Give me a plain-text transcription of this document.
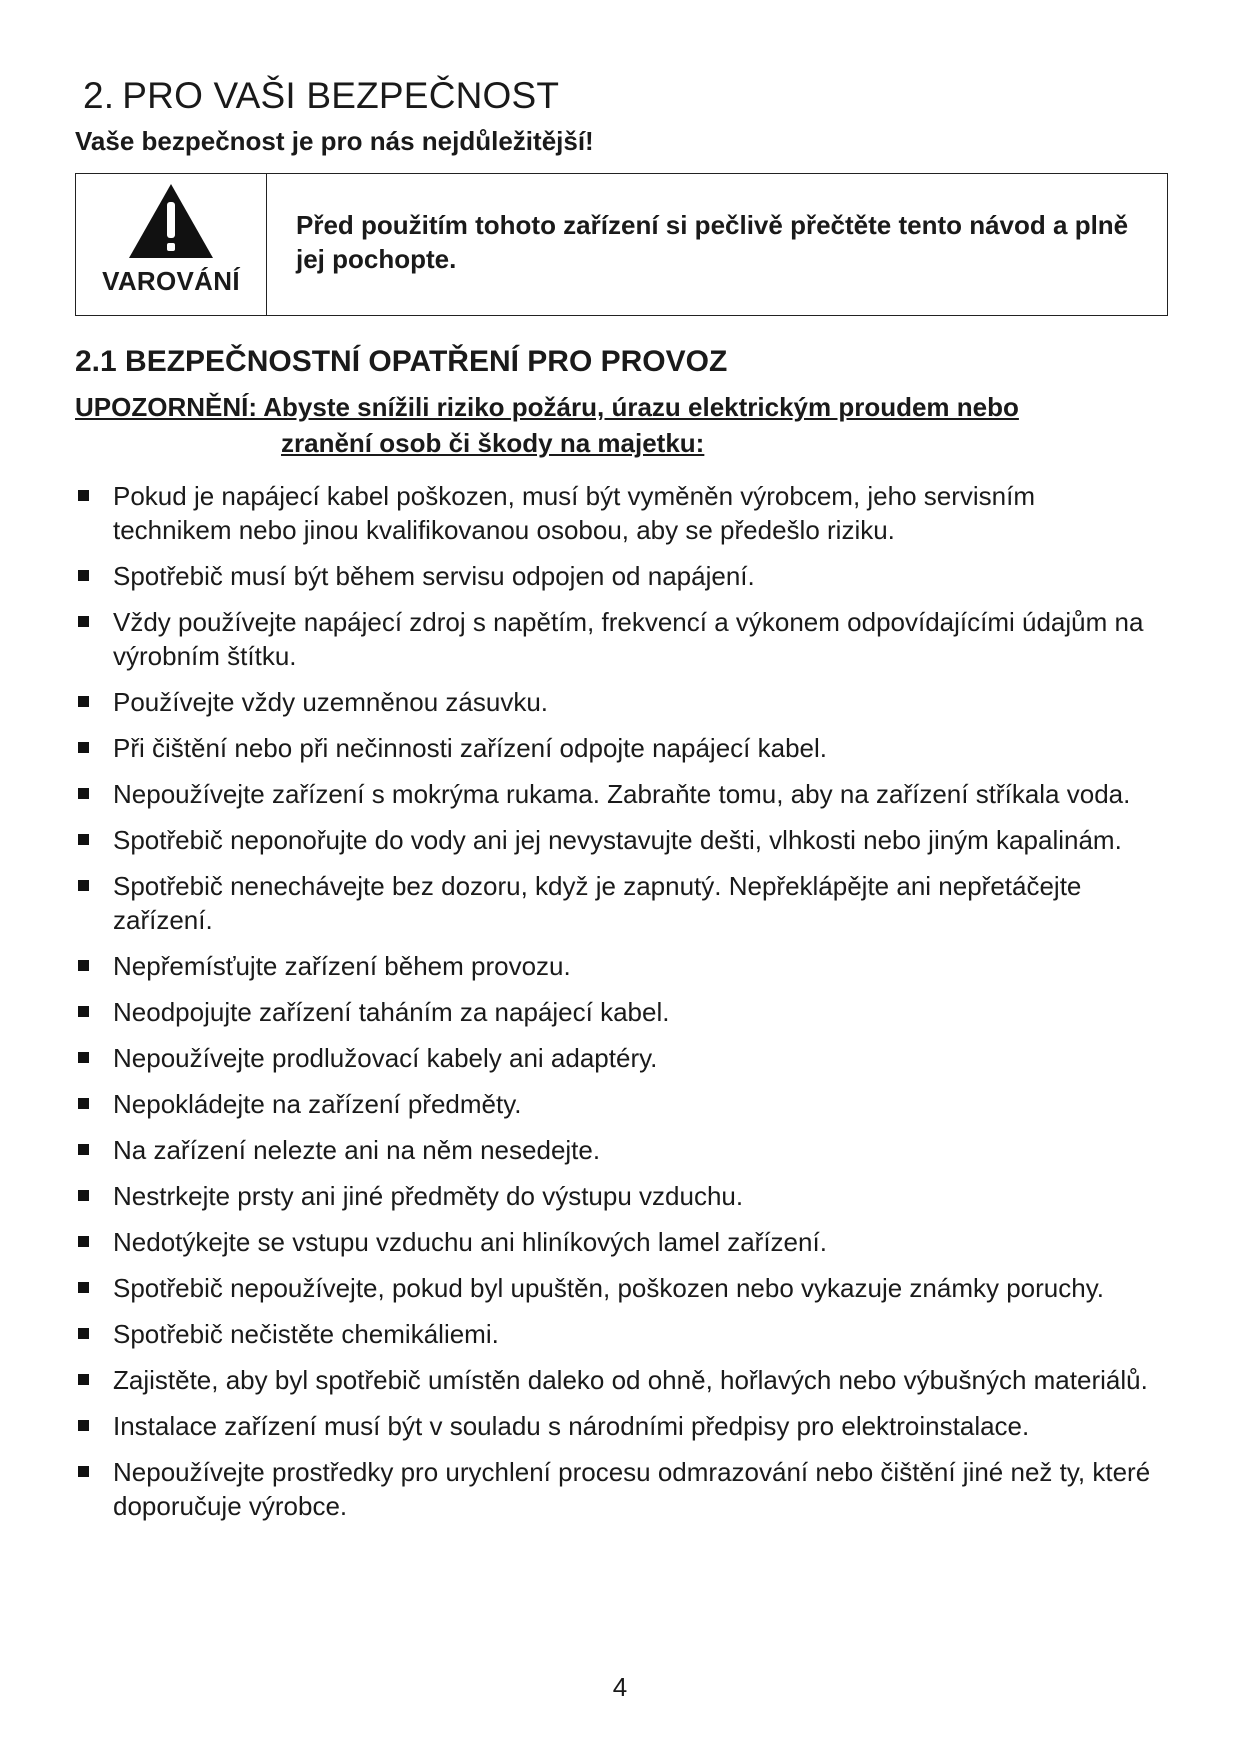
2. PRO VAŠI BEZPEČNOST

Vaše bezpečnost je pro nás nejdůležitější!

VAROVÁNÍ
Před použitím tohoto zařízení si pečlivě přečtěte tento návod a plně jej pochopte.
2.1 BEZPEČNOSTNÍ OPATŘENÍ PRO PROVOZ
UPOZORNĚNÍ: Abyste snížili riziko požáru, úrazu elektrickým proudem nebo
zranění osob či škody na majetku:
Pokud je napájecí kabel poškozen, musí být vyměněn výrobcem, jeho servisním technikem nebo jinou kvalifikovanou osobou, aby se předešlo riziku.
Spotřebič musí být během servisu odpojen od napájení.
Vždy používejte napájecí zdroj s napětím, frekvencí a výkonem odpovídajícími údajům na výrobním štítku.
Používejte vždy uzemněnou zásuvku.
Při čištění nebo při nečinnosti zařízení odpojte napájecí kabel.
Nepoužívejte zařízení s mokrýma rukama. Zabraňte tomu, aby na zařízení stříkala voda.
Spotřebič neponořujte do vody ani jej nevystavujte dešti, vlhkosti nebo jiným kapalinám.
Spotřebič nenechávejte bez dozoru, když je zapnutý. Nepřeklápějte ani nepřetáčejte zařízení.
Nepřemísťujte zařízení během provozu.
Neodpojujte zařízení taháním za napájecí kabel.
Nepoužívejte prodlužovací kabely ani adaptéry.
Nepokládejte na zařízení předměty.
Na zařízení nelezte ani na něm nesedejte.
Nestrkejte prsty ani jiné předměty do výstupu vzduchu.
Nedotýkejte se vstupu vzduchu ani hliníkových lamel zařízení.
Spotřebič nepoužívejte, pokud byl upuštěn, poškozen nebo vykazuje známky poruchy.
Spotřebič nečistěte chemikáliemi.
Zajistěte, aby byl spotřebič umístěn daleko od ohně, hořlavých nebo výbušných materiálů.
Instalace zařízení musí být v souladu s národními předpisy pro elektroinstalace.
Nepoužívejte prostředky pro urychlení procesu odmrazování nebo čištění jiné než ty, které doporučuje výrobce.
4
